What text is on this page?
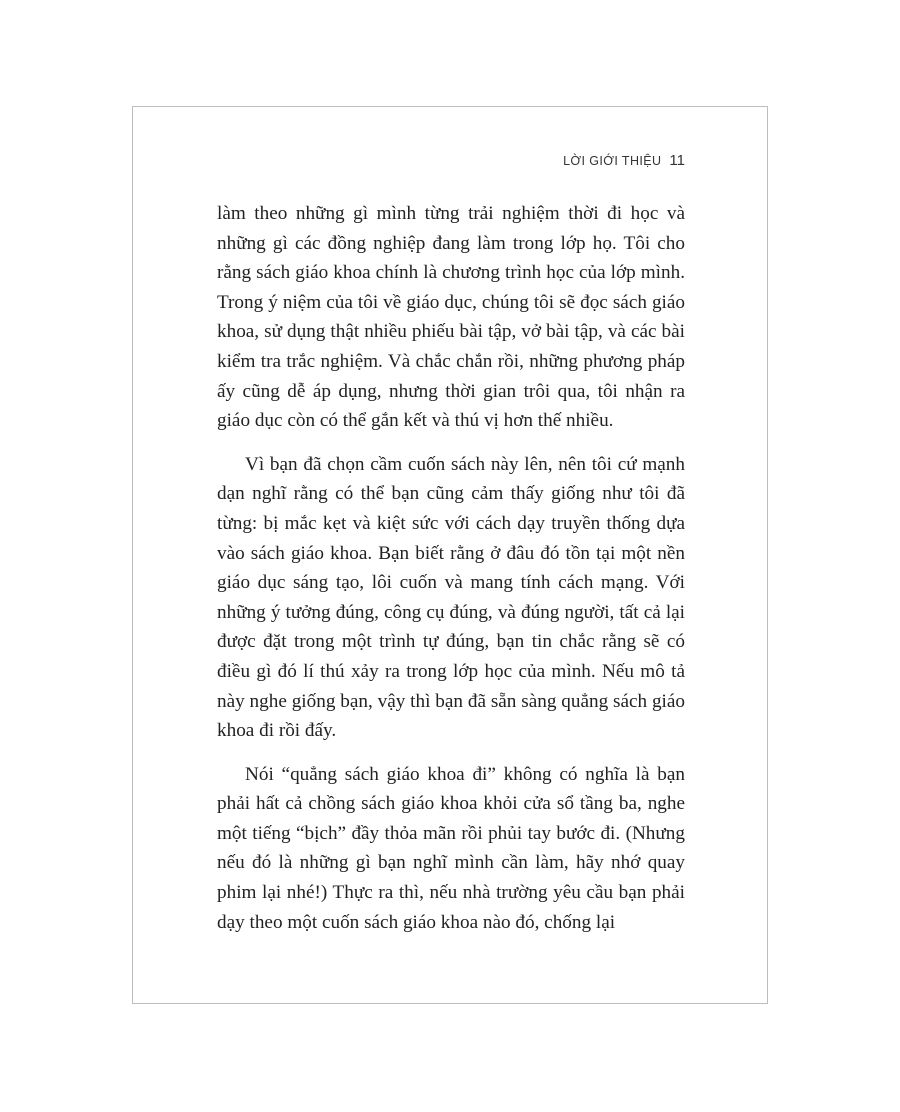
LỜI GIỚI THIỆU 11

làm theo những gì mình từng trải nghiệm thời đi học và những gì các đồng nghiệp đang làm trong lớp họ. Tôi cho rằng sách giáo khoa chính là chương trình học của lớp mình. Trong ý niệm của tôi về giáo dục, chúng tôi sẽ đọc sách giáo khoa, sử dụng thật nhiều phiếu bài tập, vở bài tập, và các bài kiểm tra trắc nghiệm. Và chắc chắn rồi, những phương pháp ấy cũng dễ áp dụng, nhưng thời gian trôi qua, tôi nhận ra giáo dục còn có thể gắn kết và thú vị hơn thế nhiều.

Vì bạn đã chọn cầm cuốn sách này lên, nên tôi cứ mạnh dạn nghĩ rằng có thể bạn cũng cảm thấy giống như tôi đã từng: bị mắc kẹt và kiệt sức với cách dạy truyền thống dựa vào sách giáo khoa. Bạn biết rằng ở đâu đó tồn tại một nền giáo dục sáng tạo, lôi cuốn và mang tính cách mạng. Với những ý tưởng đúng, công cụ đúng, và đúng người, tất cả lại được đặt trong một trình tự đúng, bạn tin chắc rằng sẽ có điều gì đó lí thú xảy ra trong lớp học của mình. Nếu mô tả này nghe giống bạn, vậy thì bạn đã sẵn sàng quẳng sách giáo khoa đi rồi đấy.

Nói “quẳng sách giáo khoa đi” không có nghĩa là bạn phải hất cả chồng sách giáo khoa khỏi cửa sổ tầng ba, nghe một tiếng “bịch” đầy thỏa mãn rồi phủi tay bước đi. (Nhưng nếu đó là những gì bạn nghĩ mình cần làm, hãy nhớ quay phim lại nhé!) Thực ra thì, nếu nhà trường yêu cầu bạn phải dạy theo một cuốn sách giáo khoa nào đó, chống lại
